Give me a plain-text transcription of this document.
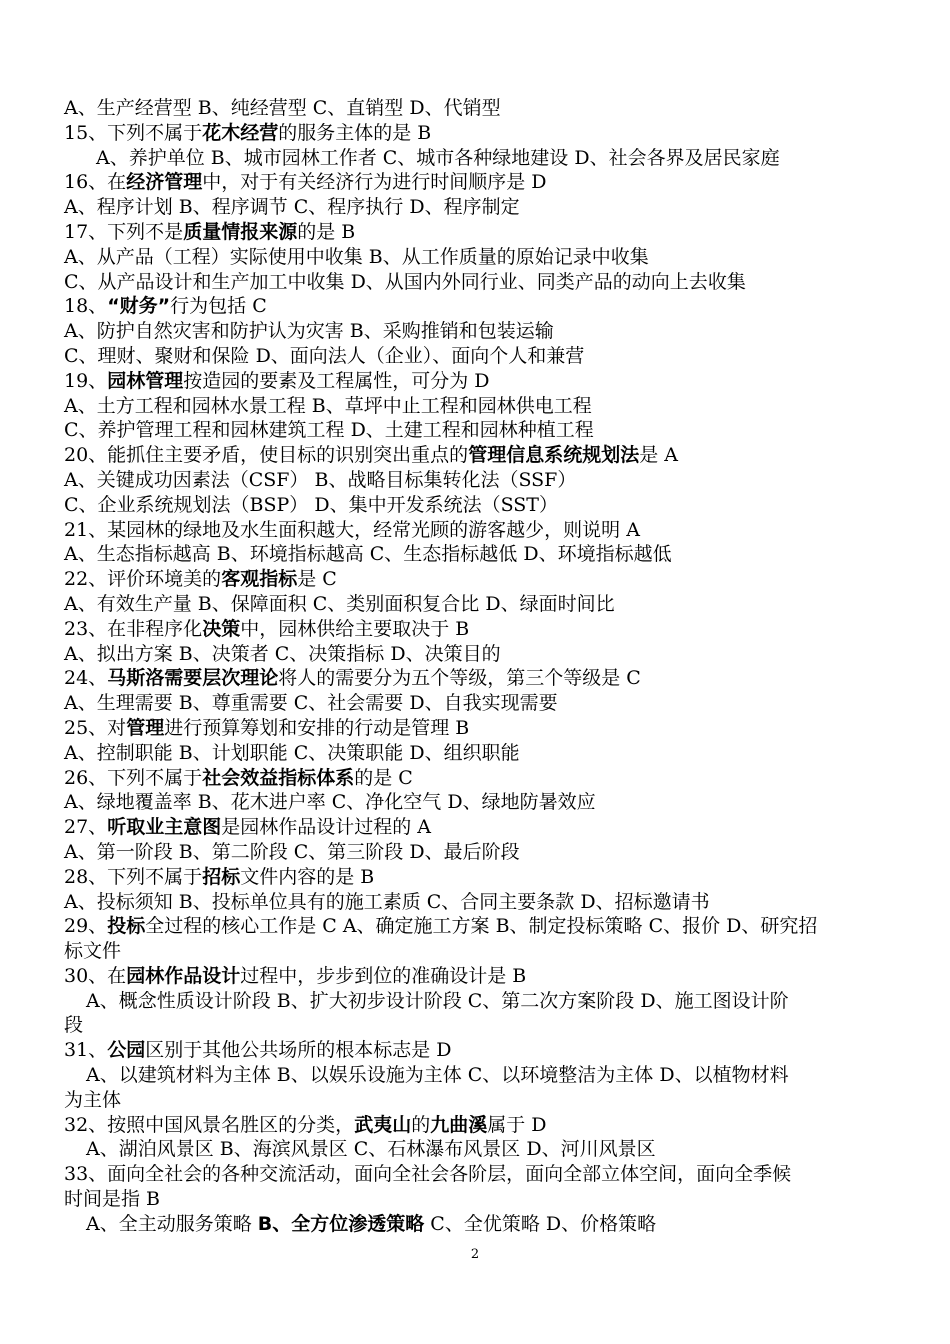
A、生产经营型 B、纯经营型 C、直销型 D、代销型
15、下列不属于花木经营的服务主体的是 B
A、养护单位 B、城市园林工作者 C、城市各种绿地建设 D、社会各界及居民家庭
16、在经济管理中，对于有关经济行为进行时间顺序是 D
A、程序计划 B、程序调节 C、程序执行 D、程序制定
17、下列不是质量情报来源的是 B
A、从产品（工程）实际使用中收集 B、从工作质量的原始记录中收集
C、从产品设计和生产加工中收集 D、从国内外同行业、同类产品的动向上去收集
18、“财务”行为包括 C
A、防护自然灾害和防护认为灾害 B、采购推销和包装运输
C、理财、聚财和保险 D、面向法人（企业）、面向个人和兼营
19、园林管理按造园的要素及工程属性，可分为 D
A、土方工程和园林水景工程 B、草坪中止工程和园林供电工程
C、养护管理工程和园林建筑工程 D、土建工程和园林种植工程
20、能抓住主要矛盾，使目标的识别突出重点的管理信息系统规划法是 A
A、关键成功因素法（CSF） B、战略目标集转化法（SSF）
C、企业系统规划法（BSP） D、集中开发系统法（SST）
21、某园林的绿地及水生面积越大，经常光顾的游客越少，则说明 A
A、生态指标越高 B、环境指标越高 C、生态指标越低 D、环境指标越低
22、评价环境美的客观指标是 C
A、有效生产量 B、保障面积 C、类别面积复合比 D、绿面时间比
23、在非程序化决策中，园林供给主要取决于 B
A、拟出方案 B、决策者 C、决策指标 D、决策目的
24、马斯洛需要层次理论将人的需要分为五个等级，第三个等级是 C
A、生理需要 B、尊重需要 C、社会需要 D、自我实现需要
25、对管理进行预算筹划和安排的行动是管理 B
A、控制职能 B、计划职能 C、决策职能 D、组织职能
26、下列不属于社会效益指标体系的是 C
A、绿地覆盖率 B、花木进户率 C、净化空气 D、绿地防暑效应
27、听取业主意图是园林作品设计过程的 A
A、第一阶段 B、第二阶段 C、第三阶段 D、最后阶段
28、下列不属于招标文件内容的是 B
A、投标须知 B、投标单位具有的施工素质 C、合同主要条款 D、招标邀请书
29、投标全过程的核心工作是 C A、确定施工方案 B、制定投标策略 C、报价 D、研究招
标文件
30、在园林作品设计过程中，步步到位的准确设计是 B
A、概念性质设计阶段 B、扩大初步设计阶段 C、第二次方案阶段 D、施工图设计阶
段
31、公园区别于其他公共场所的根本标志是 D
A、以建筑材料为主体 B、以娱乐设施为主体 C、以环境整洁为主体 D、以植物材料
为主体
32、按照中国风景名胜区的分类，武夷山的九曲溪属于 D
A、湖泊风景区 B、海滨风景区 C、石林瀑布风景区 D、河川风景区
33、面向全社会的各种交流活动，面向全社会各阶层，面向全部立体空间，面向全季候
时间是指 B
A、全主动服务策略 B、全方位渗透策略 C、全优策略 D、价格策略
2
